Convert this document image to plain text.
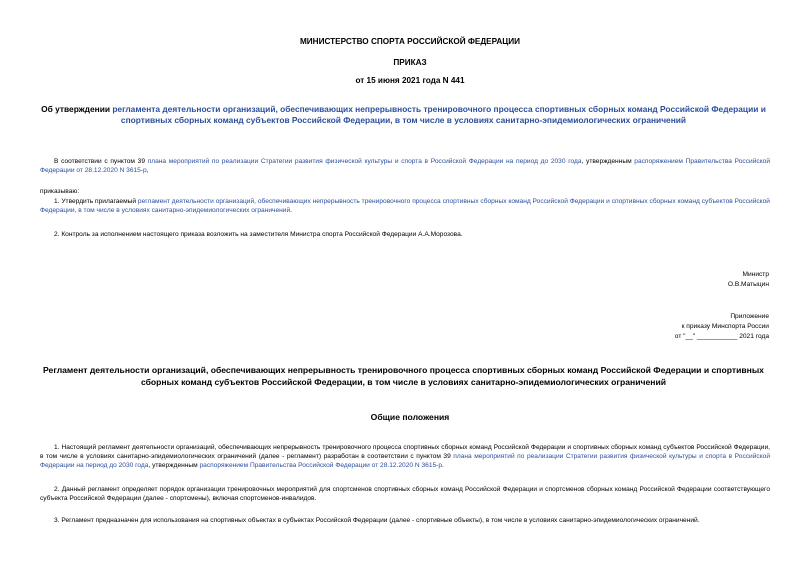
МИНИСТЕРСТВО СПОРТА РОССИЙСКОЙ ФЕДЕРАЦИИ
ПРИКАЗ
от 15 июня 2021 года N 441
Об утверждении регламента деятельности организаций, обеспечивающих непрерывность тренировочного процесса спортивных сборных команд Российской Федерации и спортивных сборных команд субъектов Российской Федерации, в том числе в условиях санитарно-эпидемиологических ограничений
В соответствии с пунктом 39 плана мероприятий по реализации Стратегии развития физической культуры и спорта в Российской Федерации на период до 2030 года, утвержденным распоряжением Правительства Российской Федерации от 28.12.2020 N 3615-р,
приказываю:
1. Утвердить прилагаемый регламент деятельности организаций, обеспечивающих непрерывность тренировочного процесса спортивных сборных команд Российской Федерации и спортивных сборных команд субъектов Российской Федерации, в том числе в условиях санитарно-эпидемиологических ограничений.
2. Контроль за исполнением настоящего приказа возложить на заместителя Министра спорта Российской Федерации А.А.Морозова.
Министр
О.В.Матыцин
Приложение
к приказу Минспорта России
от "__" ___________ 2021 года
Регламент деятельности организаций, обеспечивающих непрерывность тренировочного процесса спортивных сборных команд Российской Федерации и спортивных сборных команд субъектов Российской Федерации, в том числе в условиях санитарно-эпидемиологических ограничений
Общие положения
1. Настоящий регламент деятельности организаций, обеспечивающих непрерывность тренировочного процесса спортивных сборных команд Российской Федерации и спортивных сборных команд субъектов Российской Федерации, в том числе в условиях санитарно-эпидемиологических ограничений (далее - регламент) разработан в соответствии с пунктом 39 плана мероприятий по реализации Стратегии развития физической культуры и спорта в Российской Федерации на период до 2030 года, утвержденным распоряжением Правительства Российской Федерации от 28.12.2020 N 3615-р.
2. Данный регламент определяет порядок организации тренировочных мероприятий для спортсменов спортивных сборных команд Российской Федерации и спортсменов сборных команд Российской Федерации соответствующего субъекта Российской Федерации (далее - спортсмены), включая спортсменов-инвалидов.
3. Регламент предназначен для использования на спортивных объектах в субъектах Российской Федерации (далее - спортивные объекты), в том числе в условиях санитарно-эпидемиологических ограничений.
